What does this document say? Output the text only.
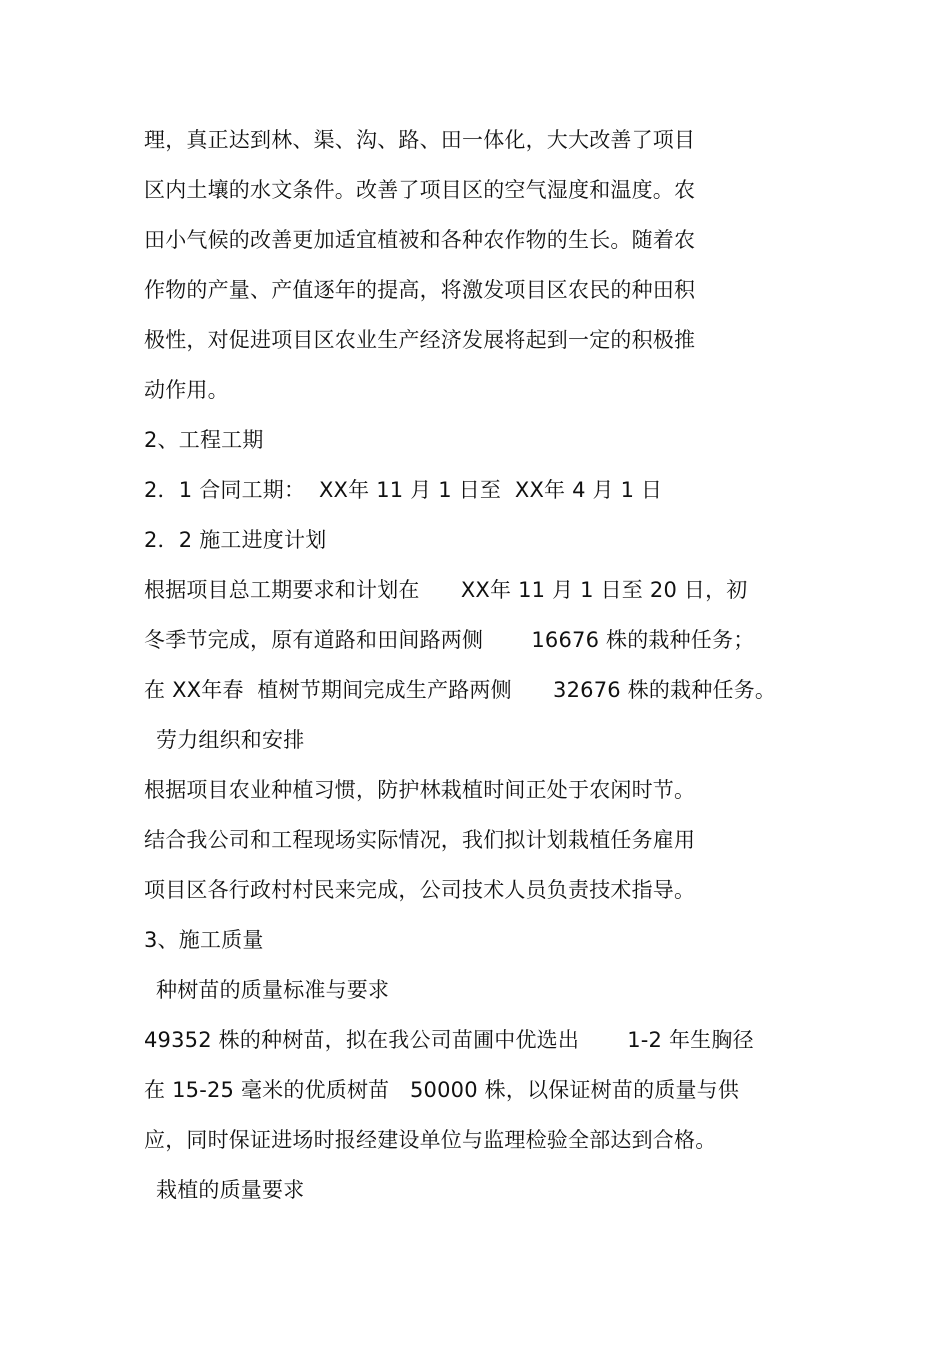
理，真正达到林、渠、沟、路、田一体化，大大改善了项目

区内土壤的水文条件。改善了项目区的空气湿度和温度。农

田小气候的改善更加适宜植被和各种农作物的生长。随着农

作物的产量、产值逐年的提高，将激发项目区农民的种田积

极性，对促进项目区农业生产经济发展将起到一定的积极推

动作用。

2、工程工期

2．1 合同工期：  XX年 11 月 1 日至  XX年 4 月 1 日

2．2 施工进度计划

根据项目总工期要求和计划在      XX年 11 月 1 日至 20 日，初

冬季节完成，原有道路和田间路两侧       16676 株的栽种任务；

在 XX年春  植树节期间完成生产路两侧      32676 株的栽种任务。

劳力组织和安排

根据项目农业种植习惯，防护林栽植时间正处于农闲时节。

结合我公司和工程现场实际情况，我们拟计划栽植任务雇用

项目区各行政村村民来完成，公司技术人员负责技术指导。

3、施工质量

种树苗的质量标准与要求

49352 株的种树苗，拟在我公司苗圃中优选出       1-2 年生胸径

在 15-25 毫米的优质树苗   50000 株，以保证树苗的质量与供

应，同时保证进场时报经建设单位与监理检验全部达到合格。

栽植的质量要求
